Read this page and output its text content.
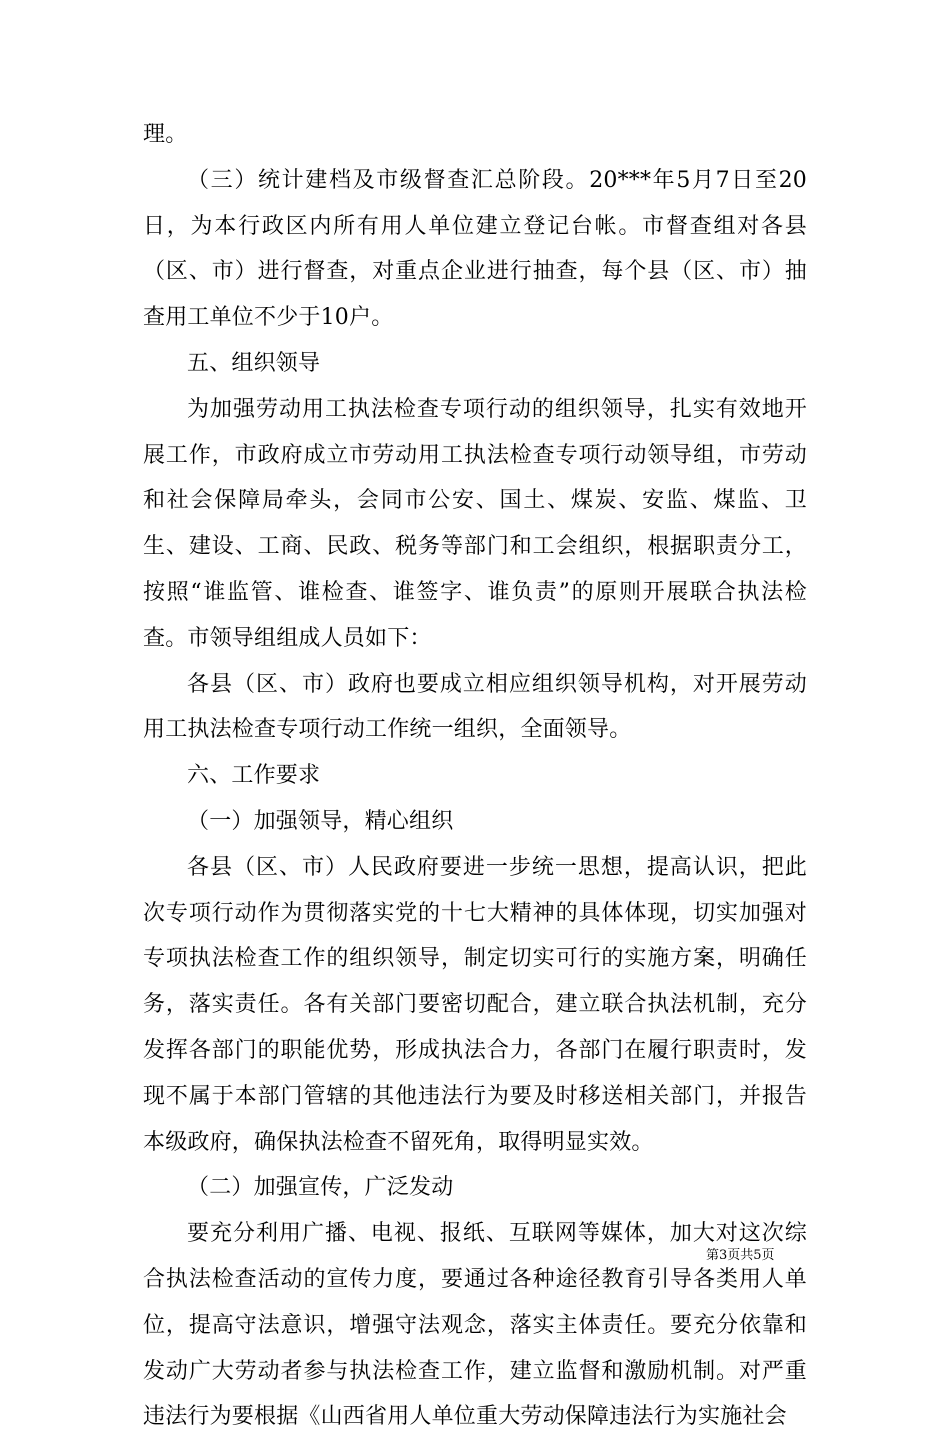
理。

（三）统计建档及市级督查汇总阶段。20***年5月7日至20日，为本行政区内所有用人单位建立登记台帐。市督查组对各县（区、市）进行督查，对重点企业进行抽查，每个县（区、市）抽查用工单位不少于10户。

五、组织领导

为加强劳动用工执法检查专项行动的组织领导，扎实有效地开展工作，市政府成立市劳动用工执法检查专项行动领导组，市劳动和社会保障局牵头，会同市公安、国土、煤炭、安监、煤监、卫生、建设、工商、民政、税务等部门和工会组织，根据职责分工，按照“谁监管、谁检查、谁签字、谁负责”的原则开展联合执法检查。市领导组组成人员如下：

各县（区、市）政府也要成立相应组织领导机构，对开展劳动用工执法检查专项行动工作统一组织，全面领导。

六、工作要求

（一）加强领导，精心组织

各县（区、市）人民政府要进一步统一思想，提高认识，把此次专项行动作为贯彻落实党的十七大精神的具体体现，切实加强对专项执法检查工作的组织领导，制定切实可行的实施方案，明确任务，落实责任。各有关部门要密切配合，建立联合执法机制，充分发挥各部门的职能优势，形成执法合力，各部门在履行职责时，发现不属于本部门管辖的其他违法行为要及时移送相关部门，并报告本级政府，确保执法检查不留死角，取得明显实效。

（二）加强宣传，广泛发动

要充分利用广播、电视、报纸、互联网等媒体，加大对这次综合执法检查活动的宣传力度，要通过各种途径教育引导各类用人单位，提高守法意识，增强守法观念，落实主体责任。要充分依靠和发动广大劳动者参与执法检查工作，建立监督和激励机制。对严重违法行为要根据《山西省用人单位重大劳动保障违法行为实施社会

第3页共5页
